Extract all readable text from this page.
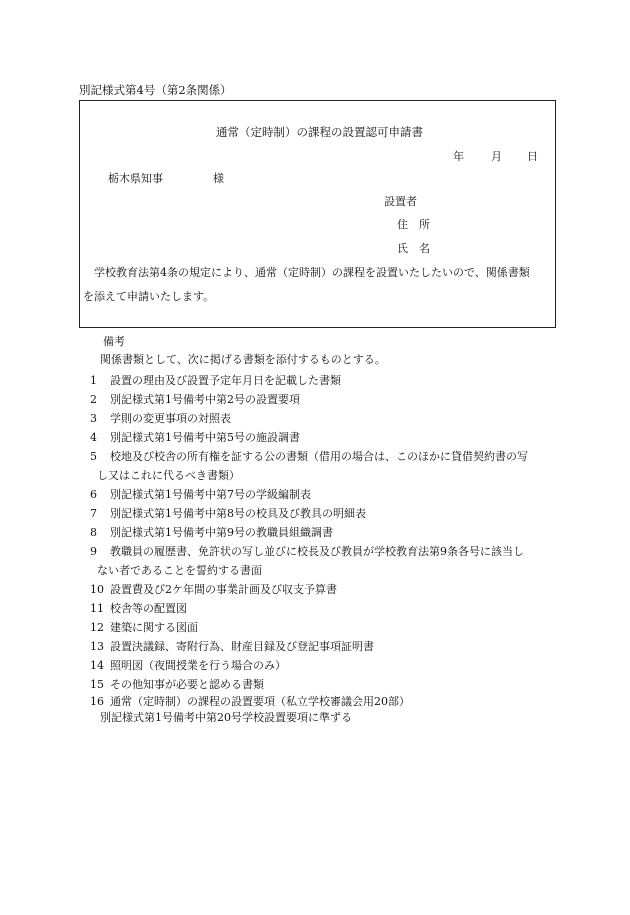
別記様式第4号（第2条関係）
通常（定時制）の課程の設置認可申請書
年 月 日
栃木県知事	様
設置者
住　所
氏　名
学校教育法第4条の規定により、通常（定時制）の課程を設置いたしたいので、関係書類
を添えて申請いたします。
備考
関係書類として、次に掲げる書類を添付するものとする。
1 設置の理由及び設置予定年月日を記載した書類
2 別記様式第1号備考中第2号の設置要項
3 学則の変更事項の対照表
4 別記様式第1号備考中第5号の施設調書
5 校地及び校舎の所有権を証する公の書類（借用の場合は、このほかに貸借契約書の写
し又はこれに代るべき書類）
6 別記様式第1号備考中第7号の学級編制表
7 別記様式第1号備考中第8号の校具及び教具の明細表
8 別記様式第1号備考中第9号の教職員組織調書
9 教職員の履歴書、免許状の写し並びに校長及び教員が学校教育法第9条各号に該当し
ない者であることを誓約する書面
10 設置費及び2ケ年間の事業計画及び収支予算書
11 校舎等の配置図
12 建築に関する図面
13 設置決議録、寄附行為、財産目録及び登記事項証明書
14 照明図（夜間授業を行う場合のみ）
15 その他知事が必要と認める書類
16 通常（定時制）の課程の設置要項（私立学校審議会用20部）
別記様式第1号備考中第20号学校設置要項に準ずる
